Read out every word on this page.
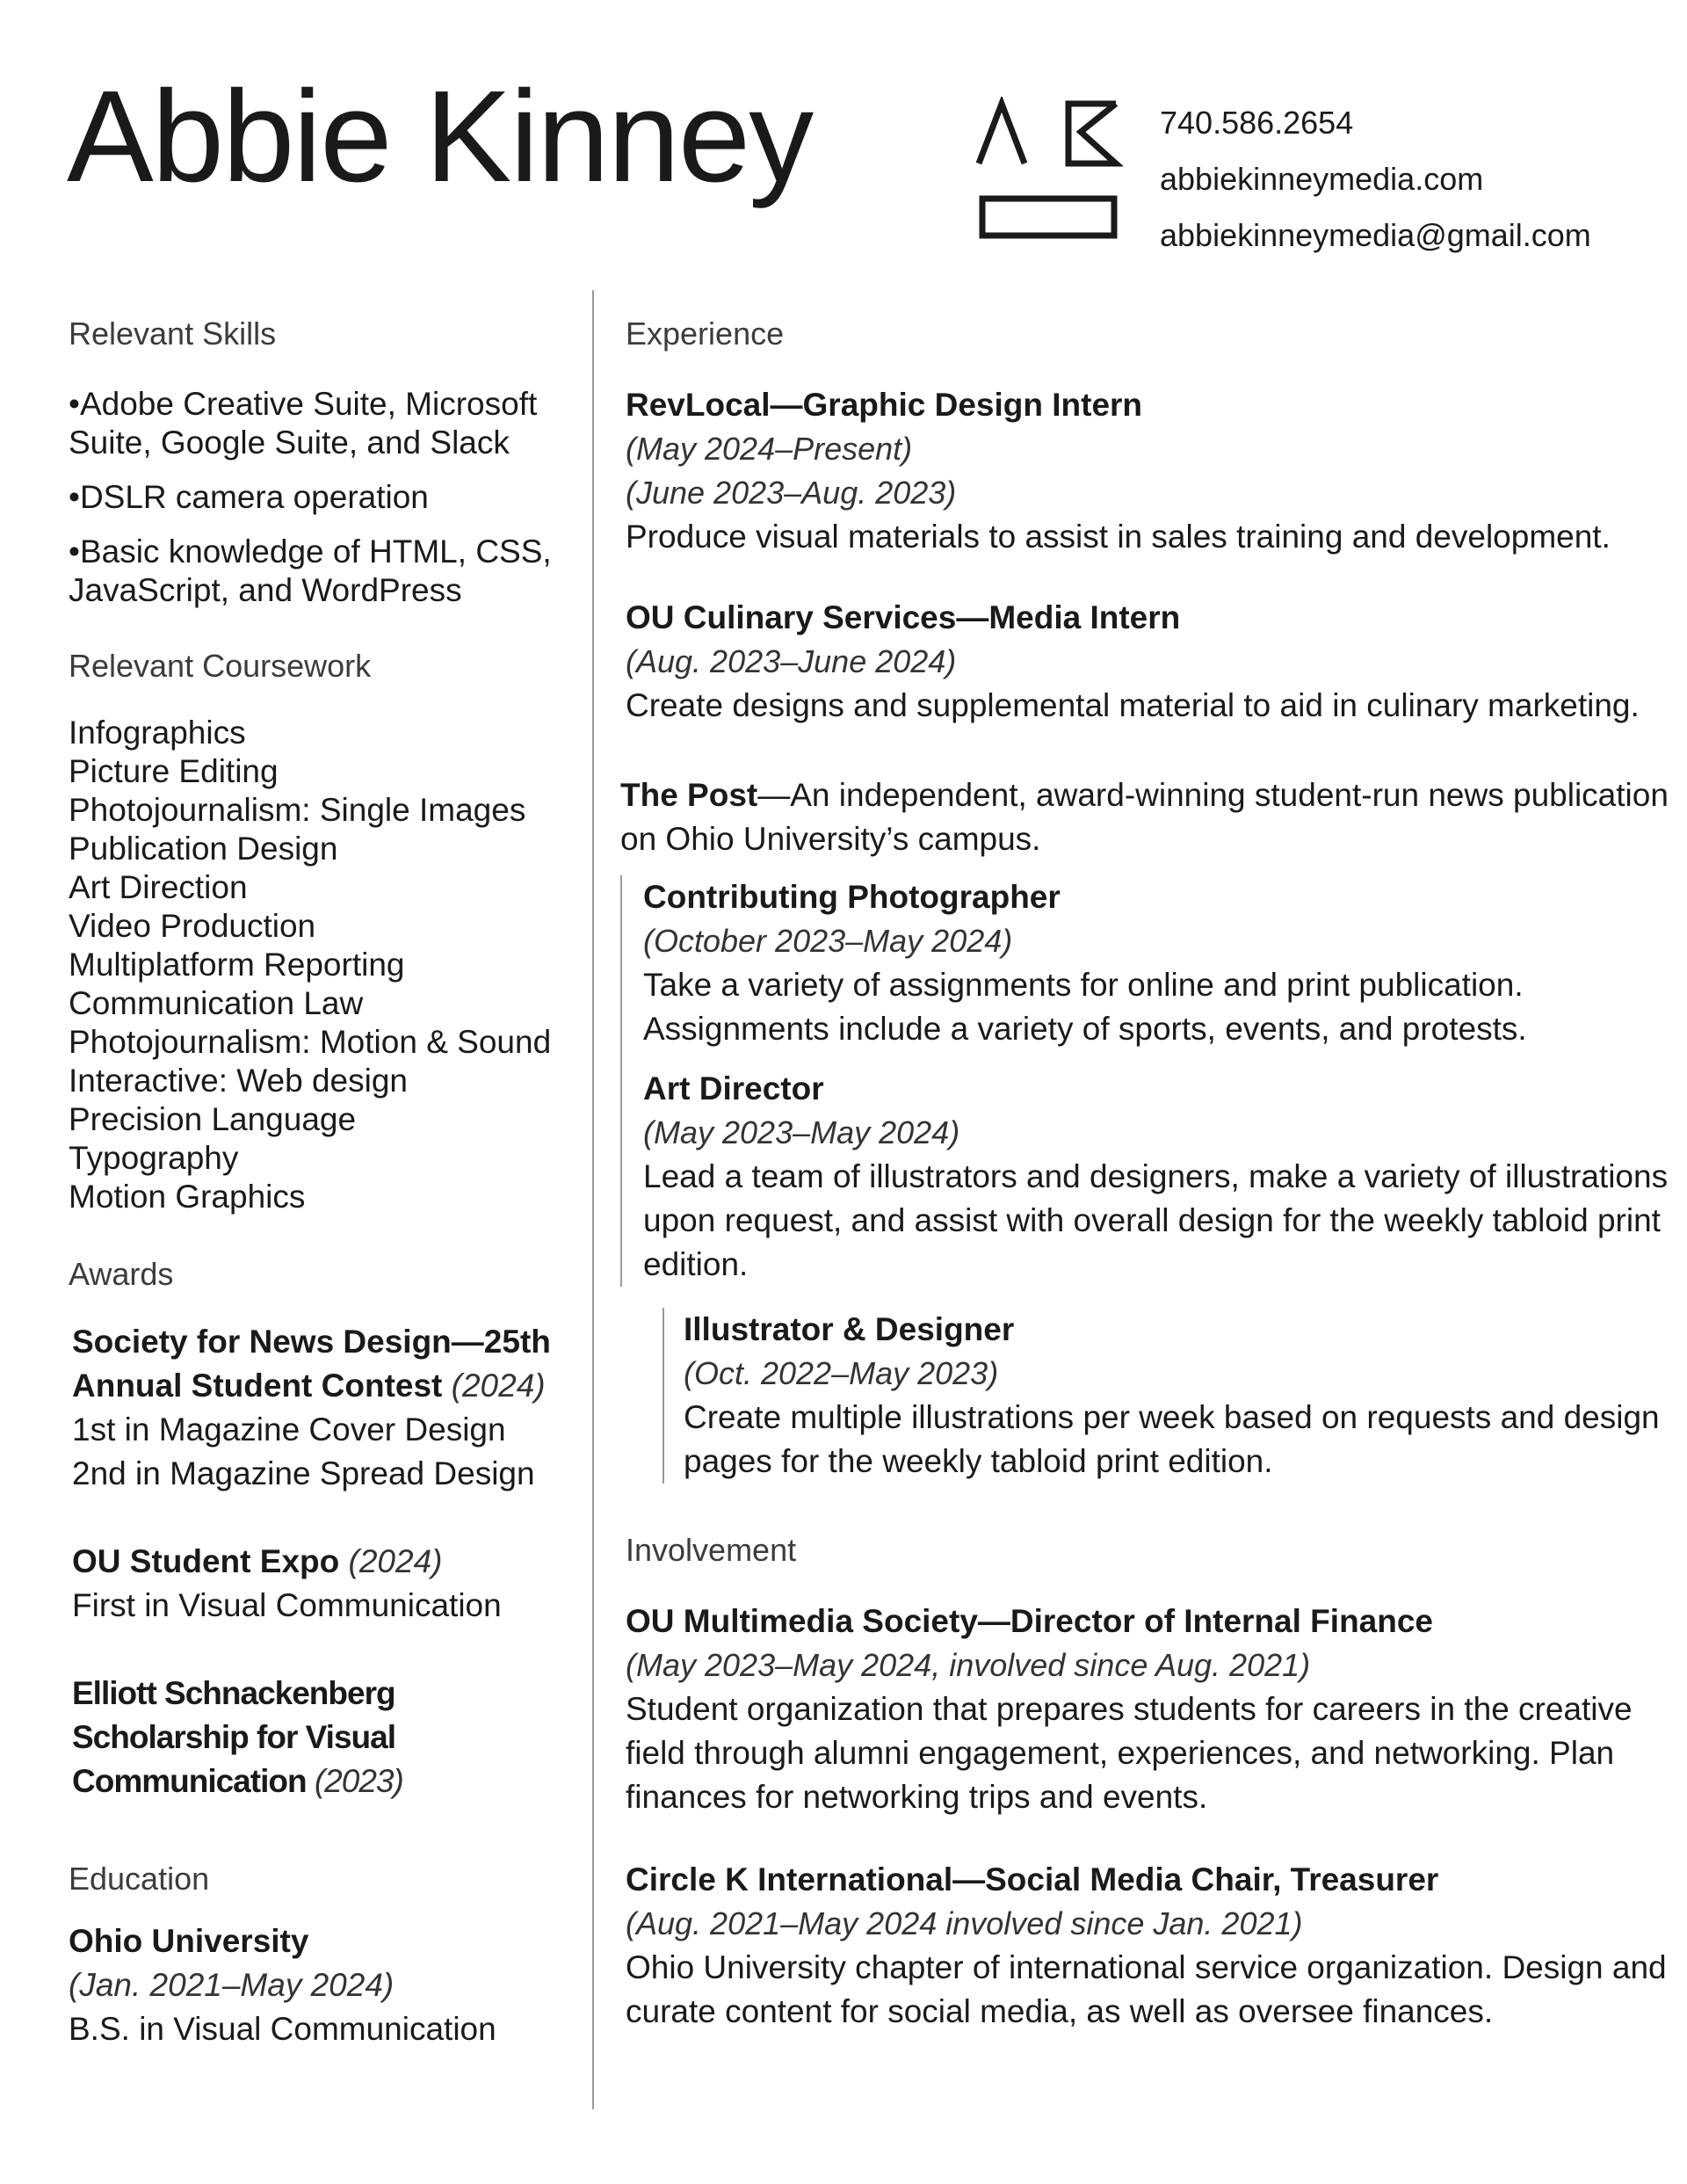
Abbie Kinney	740.586.2654
abbiekinneymedia.com
abbiekinneymedia@gmail.com
Relevant Skills
•Adobe Creative Suite, Microsoft Suite, Google Suite, and Slack
•DSLR camera operation
•Basic knowledge of HTML, CSS, JavaScript, and WordPress
Relevant Coursework
Infographics
Picture Editing
Photojournalism: Single Images
Publication Design
Art Direction
Video Production
Multiplatform Reporting
Communication Law
Photojournalism: Motion & Sound
Interactive: Web design
Precision Language
Typography
Motion Graphics
Awards
Society for News Design—25th Annual Student Contest (2024)
1st in Magazine Cover Design
2nd in Magazine Spread Design
OU Student Expo (2024)
First in Visual Communication
Elliott Schnackenberg Scholarship for Visual Communication (2023)
Education
Ohio University
(Jan. 2021–May 2024)
B.S. in Visual Communication
Experience
RevLocal—Graphic Design Intern
(May 2024–Present)
(June 2023–Aug. 2023)
Produce visual materials to assist in sales training and development.
OU Culinary Services—Media Intern
(Aug. 2023–June 2024)
Create designs and supplemental material to aid in culinary marketing.
The Post—An independent, award-winning student-run news publication on Ohio University’s campus.
Contributing Photographer
(October 2023–May 2024)
Take a variety of assignments for online and print publication. Assignments include a variety of sports, events, and protests.
Art Director
(May 2023–May 2024)
Lead a team of illustrators and designers, make a variety of illustrations upon request, and assist with overall design for the weekly tabloid print edition.
Illustrator & Designer
(Oct. 2022–May 2023)
Create multiple illustrations per week based on requests and design pages for the weekly tabloid print edition.
Involvement
OU Multimedia Society—Director of Internal Finance
(May 2023–May 2024, involved since Aug. 2021)
Student organization that prepares students for careers in the creative field through alumni engagement, experiences, and networking. Plan finances for networking trips and events.
Circle K International—Social Media Chair, Treasurer
(Aug. 2021–May 2024 involved since Jan. 2021)
Ohio University chapter of international service organization. Design and curate content for social media, as well as oversee finances.
